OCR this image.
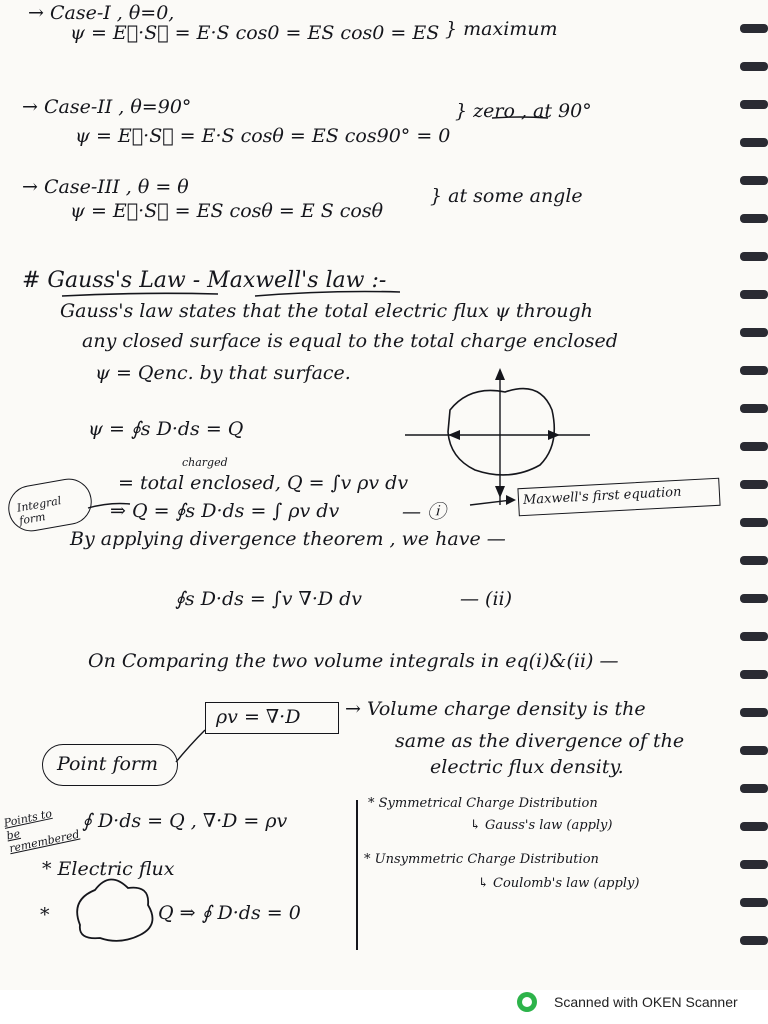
→ Case-I , θ=0,
ψ = E⃗·S⃗ = E·S cos0 = ES cos0 = ES } maximum
→ Case-II , θ=90°
ψ = E⃗·S⃗ = E·S cosθ = ES cos90° = 0
} zero , at 90°
→ Case-III , θ = θ
ψ = E⃗·S⃗ = ES cosθ = E S cosθ
} at some angle
# Gauss's Law - Maxwell's law :-
Gauss's law states that the total electric flux ψ through
any closed surface is equal to the total charge enclosed
ψ = Qenc. by that surface.
ψ = ∮s D·ds = Q
charged
= total enclosed, Q = ∫v ρv dv
⇒ Q = ∮s D·ds = ∫ ρv dv	— ⓘ
Maxwell's first equation
Integral form
By applying divergence theorem , we have —
∮s D·ds = ∫v ∇·D dv	— (ii)
On Comparing the two volume integrals in eq(i)&(ii) —
ρv = ∇·D → Volume charge density is the
same as the divergence of the
electric flux density.
Point form
Points to be remembered
∮ D·ds = Q , ∇·D = ρv
* Electric flux
*	Q ⇒ ∮ D·ds = 0
* Symmetrical Charge Distribution
↳ Gauss's law (apply)
* Unsymmetric Charge Distribution
↳ Coulomb's law (apply)
Scanned with OKEN Scanner
